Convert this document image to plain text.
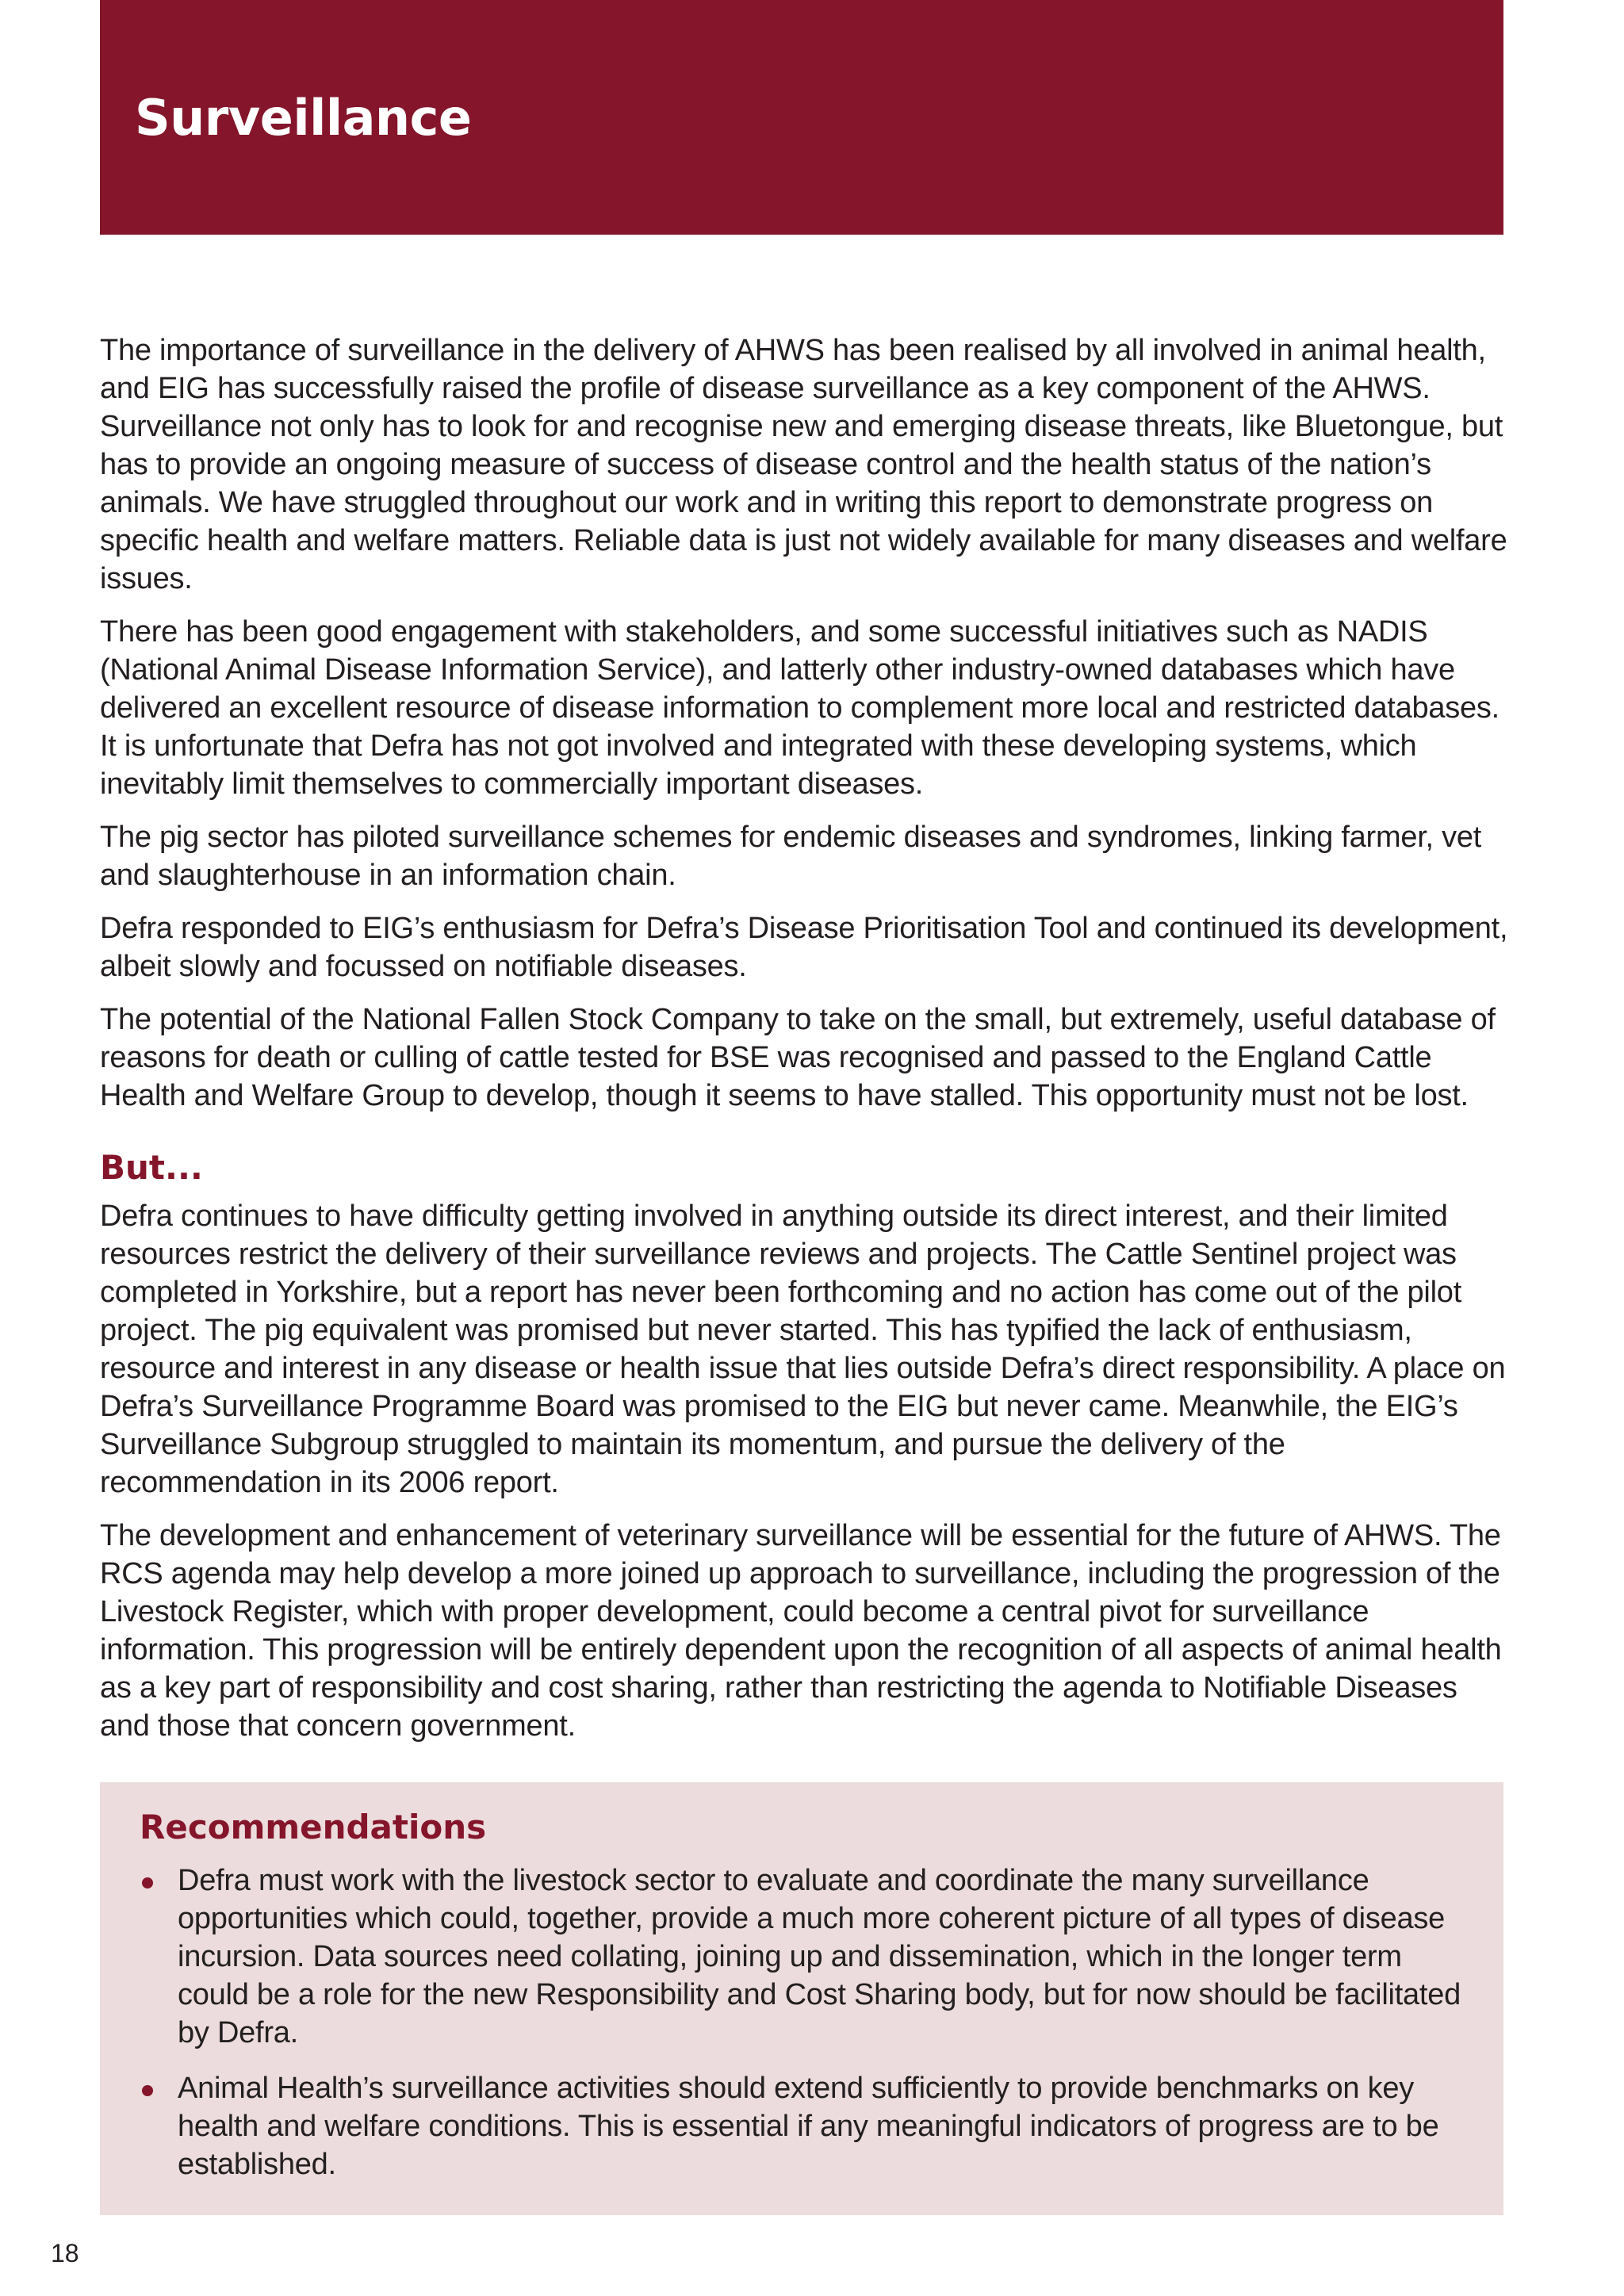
Surveillance

The importance of surveillance in the delivery of AHWS has been realised by all involved in animal health, and EIG has successfully raised the profile of disease surveillance as a key component of the AHWS. Surveillance not only has to look for and recognise new and emerging disease threats, like Bluetongue, but has to provide an ongoing measure of success of disease control and the health status of the nation’s animals. We have struggled throughout our work and in writing this report to demonstrate progress on specific health and welfare matters. Reliable data is just not widely available for many diseases and welfare issues.

There has been good engagement with stakeholders, and some successful initiatives such as NADIS (National Animal Disease Information Service), and latterly other industry-owned databases which have delivered an excellent resource of disease information to complement more local and restricted databases. It is unfortunate that Defra has not got involved and integrated with these developing systems, which inevitably limit themselves to commercially important diseases.

The pig sector has piloted surveillance schemes for endemic diseases and syndromes, linking farmer, vet and slaughterhouse in an information chain.

Defra responded to EIG’s enthusiasm for Defra’s Disease Prioritisation Tool and continued its development, albeit slowly and focussed on notifiable diseases.

The potential of the National Fallen Stock Company to take on the small, but extremely, useful database of reasons for death or culling of cattle tested for BSE was recognised and passed to the England Cattle Health and Welfare Group to develop, though it seems to have stalled. This opportunity must not be lost.

But...

Defra continues to have difficulty getting involved in anything outside its direct interest, and their limited resources restrict the delivery of their surveillance reviews and projects. The Cattle Sentinel project was completed in Yorkshire, but a report has never been forthcoming and no action has come out of the pilot project. The pig equivalent was promised but never started. This has typified the lack of enthusiasm, resource and interest in any disease or health issue that lies outside Defra’s direct responsibility. A place on Defra’s Surveillance Programme Board was promised to the EIG but never came. Meanwhile, the EIG’s Surveillance Subgroup struggled to maintain its momentum, and pursue the delivery of the recommendation in its 2006 report.

The development and enhancement of veterinary surveillance will be essential for the future of AHWS. The RCS agenda may help develop a more joined up approach to surveillance, including the progression of the Livestock Register, which with proper development, could become a central pivot for surveillance information. This progression will be entirely dependent upon the recognition of all aspects of animal health as a key part of responsibility and cost sharing, rather than restricting the agenda to Notifiable Diseases and those that concern government.

Recommendations
Defra must work with the livestock sector to evaluate and coordinate the many surveillance opportunities which could, together, provide a much more coherent picture of all types of disease incursion. Data sources need collating, joining up and dissemination, which in the longer term could be a role for the new Responsibility and Cost Sharing body, but for now should be facilitated by Defra.
Animal Health’s surveillance activities should extend sufficiently to provide benchmarks on key health and welfare conditions. This is essential if any meaningful indicators of progress are to be established.
18
